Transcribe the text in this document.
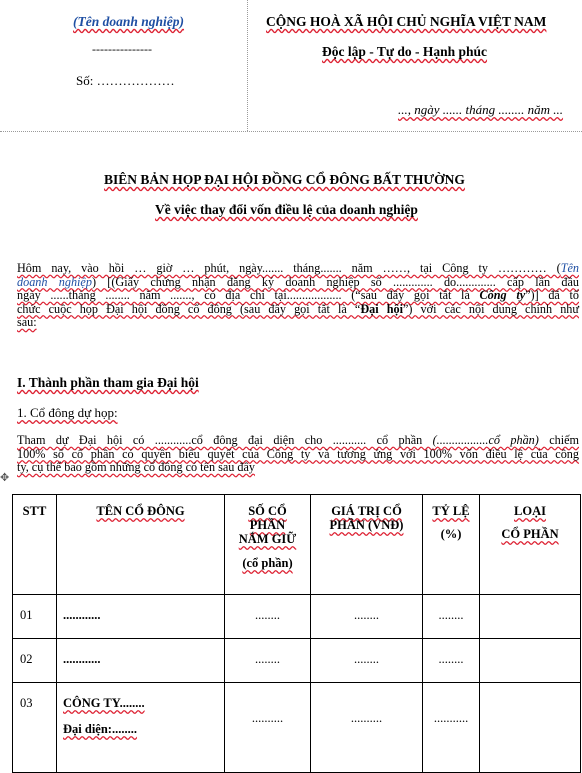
(Tên doanh nghiệp)
---------------
Số: ………………
CỘNG HOÀ XÃ HỘI CHỦ NGHĨA VIỆT NAM
Độc lập - Tự do - Hạnh phúc
..., ngày ...... tháng ........ năm ...
BIÊN BẢN HỌP ĐẠI HỘI ĐỒNG CỔ ĐÔNG BẤT THƯỜNG
Về việc thay đổi vốn điều lệ của doanh nghiệp
Hôm nay, vào hồi … giờ … phút, ngày....... tháng....... năm ……, tại Công ty ………… (Tên
doanh nghiệp) [(Giấy chứng nhận đăng ký doanh nghiệp số ............. do............. cấp lần đầu
ngày ......tháng ........ năm ......., có địa chỉ tại.................. (“sau đây gọi tắt là Công ty”)] đã tổ
chức cuộc họp Đại hội đồng cổ đông (sau đây gọi tắt là “Đại hội”) với các nội dung chính như
sau:
I. Thành phần tham gia Đại hội
1. Cổ đông dự họp:
Tham dự Đại hội có ............cổ đông đại diện cho ........... cổ phần (.................cổ phần) chiếm
100% số cổ phần có quyền biểu quyết của Công ty và tương ứng với 100% vốn điều lệ của công
ty, cụ thể bao gồm những cổ đông có tên sau đây
✥
STT	TÊN CỔ ĐÔNG	SỐ CỔ
PHẦN
NẮM GIỮ
(cổ phần)	GIÁ TRỊ CỔ
PHẦN (VNĐ)	TỶ LỆ
(%)	LOẠI
CỔ PHẦN
01	............	........	........	........	
02	............	........	........	........	
03	CÔNG TY........
Đại diện:........	..........	..........	...........	
